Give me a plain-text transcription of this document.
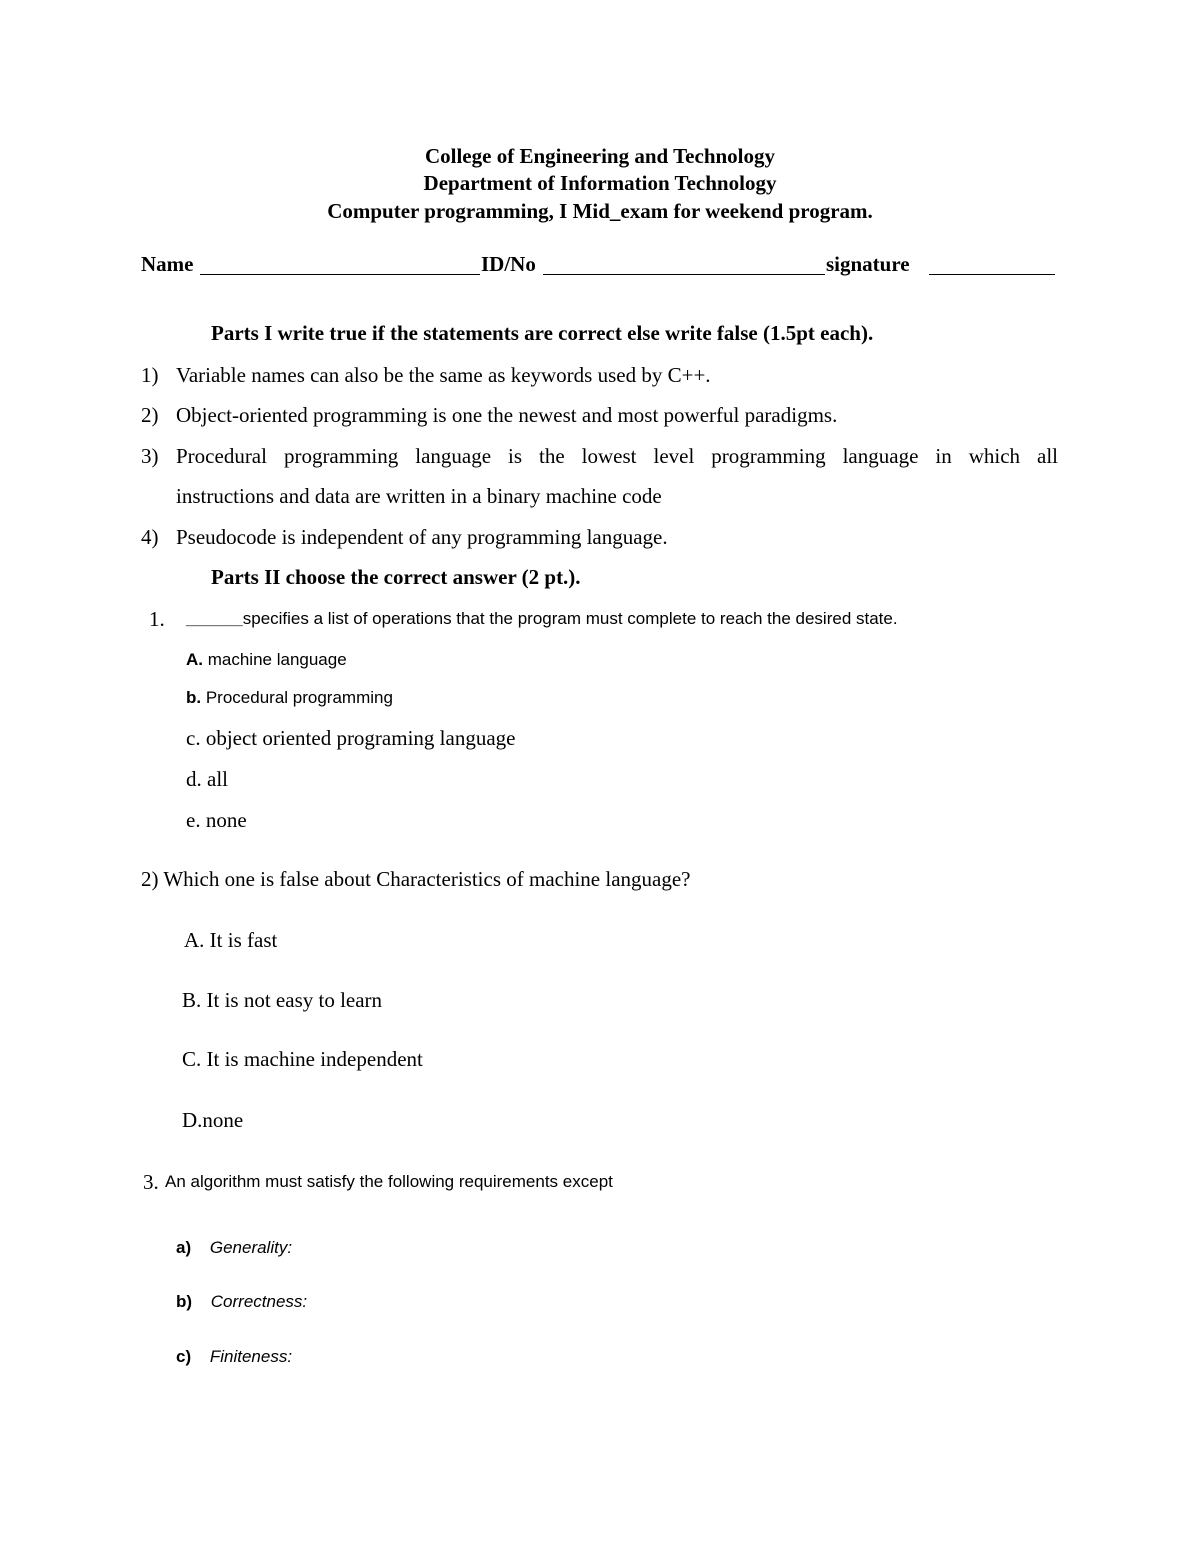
College of Engineering and Technology
Department of Information Technology
Computer programming, I Mid_exam for weekend program.
Name	ID/No	signature
Parts I write true if the statements are correct else write false (1.5pt each).
1) Variable names can also be the same as keywords used by C++.
2) Object-oriented programming is one the newest and most powerful paradigms.
3) Procedural programming language is the lowest level programming language in which all
instructions and data are written in a binary machine code
4) Pseudocode is independent of any programming language.
Parts II choose the correct answer (2 pt.).
1. ______specifies a list of operations that the program must complete to reach the desired state.
A. machine language
b. Procedural programming
c. object oriented programing language
d. all
e. none
2) Which one is false about Characteristics of machine language?
A. It is fast
B. It is not easy to learn
C. It is machine independent
D.none
3. An algorithm must satisfy the following requirements except
a) Generality:
b) Correctness:
c) Finiteness:
